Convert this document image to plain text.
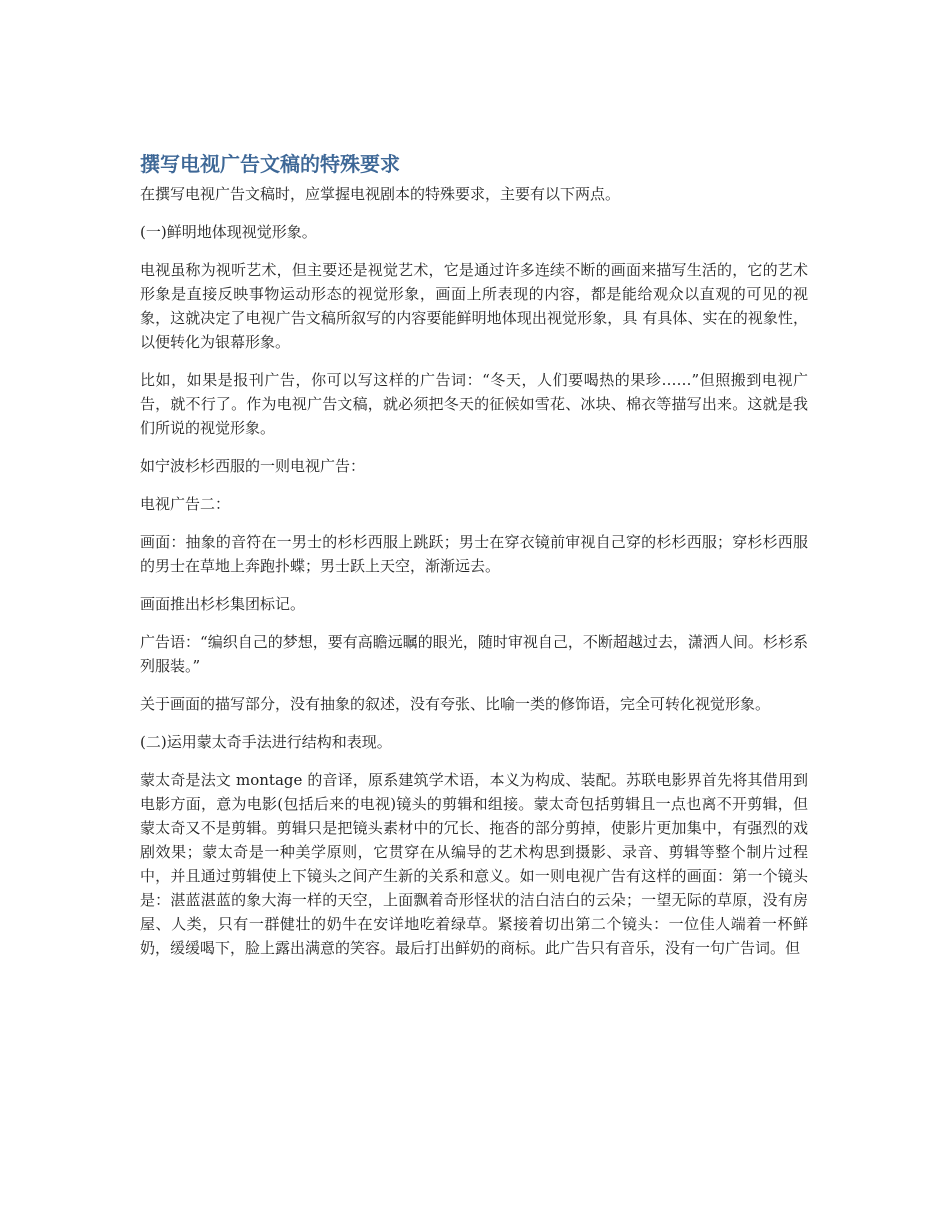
撰写电视广告文稿的特殊要求

在撰写电视广告文稿时，应掌握电视剧本的特殊要求，主要有以下两点。

(一)鲜明地体现视觉形象。

电视虽称为视听艺术，但主要还是视觉艺术，它是通过许多连续不断的画面来描写生活的，它的艺术形象是直接反映事物运动形态的视觉形象，画面上所表现的内容，都是能给观众以直观的可见的视象，这就决定了电视广告文稿所叙写的内容要能鲜明地体现出视觉形象，具 有具体、实在的视象性，以便转化为银幕形象。

比如，如果是报刊广告，你可以写这样的广告词：“冬天，人们要喝热的果珍……”但照搬到电视广告，就不行了。作为电视广告文稿，就必须把冬天的征候如雪花、冰块、棉衣等描写出来。这就是我们所说的视觉形象。

如宁波杉杉西服的一则电视广告：

电视广告二：

画面：抽象的音符在一男士的杉杉西服上跳跃；男士在穿衣镜前审视自己穿的杉杉西服；穿杉杉西服的男士在草地上奔跑扑蝶；男士跃上天空，渐渐远去。

画面推出杉杉集团标记。

广告语：“编织自己的梦想，要有高瞻远瞩的眼光，随时审视自己，不断超越过去，潇洒人间。杉杉系列服装。”

关于画面的描写部分，没有抽象的叙述，没有夸张、比喻一类的修饰语，完全可转化视觉形象。

(二)运用蒙太奇手法进行结构和表现。

蒙太奇是法文 montage 的音译，原系建筑学术语，本义为构成、装配。苏联电影界首先将其借用到电影方面，意为电影(包括后来的电视)镜头的剪辑和组接。蒙太奇包括剪辑且一点也离不开剪辑，但蒙太奇又不是剪辑。剪辑只是把镜头素材中的冗长、拖沓的部分剪掉，使影片更加集中，有强烈的戏剧效果；蒙太奇是一种美学原则，它贯穿在从编导的艺术构思到摄影、录音、剪辑等整个制片过程中，并且通过剪辑使上下镜头之间产生新的关系和意义。如一则电视广告有这样的画面：第一个镜头是：湛蓝湛蓝的象大海一样的天空，上面飘着奇形怪状的洁白洁白的云朵；一望无际的草原，没有房屋、人类，只有一群健壮的奶牛在安详地吃着绿草。紧接着切出第二个镜头：一位佳人端着一杯鲜奶，缓缓喝下，脸上露出满意的笑容。最后打出鲜奶的商标。此广告只有音乐，没有一句广告词。但
